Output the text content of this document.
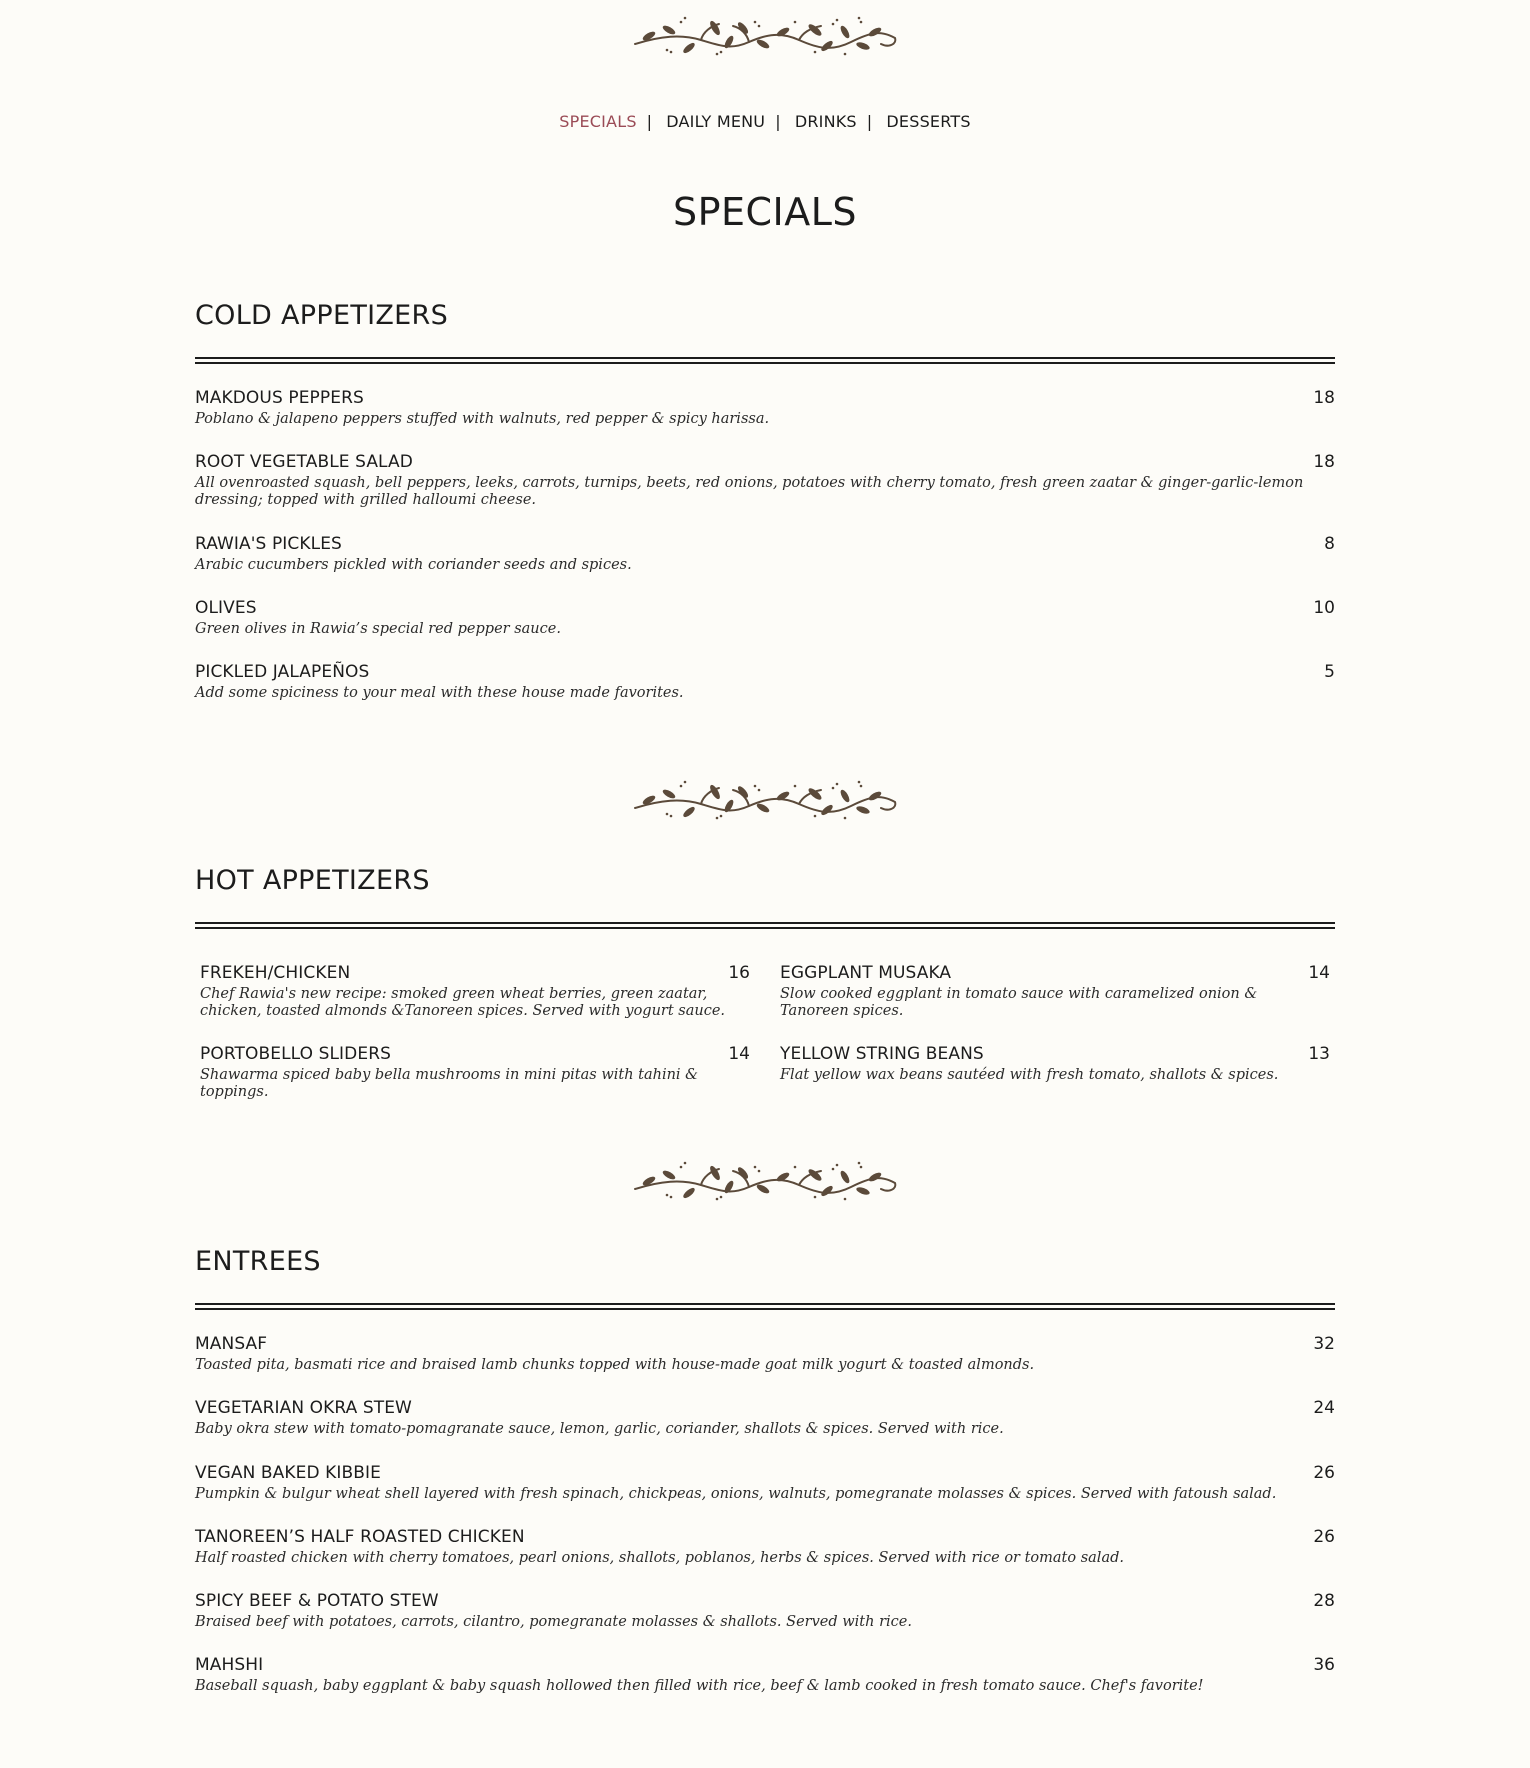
SPECIALS | DAILY MENU | DRINKS | DESSERTS
SPECIALS
COLD APPETIZERS
MAKDOUS PEPPERS	18
Poblano & jalapeno peppers stuffed with walnuts, red pepper & spicy harissa.
ROOT VEGETABLE SALAD	18
All ovenroasted squash, bell peppers, leeks, carrots, turnips, beets, red onions, potatoes with cherry tomato, fresh green zaatar & ginger-garlic-lemon dressing; topped with grilled halloumi cheese.
RAWIA'S PICKLES	8
Arabic cucumbers pickled with coriander seeds and spices.
OLIVES	10
Green olives in Rawia’s special red pepper sauce.
PICKLED JALAPEÑOS	5
Add some spiciness to your meal with these house made favorites.
HOT APPETIZERS
FREKEH/CHICKEN	16
Chef Rawia's new recipe: smoked green wheat berries, green zaatar, chicken, toasted almonds &Tanoreen spices. Served with yogurt sauce.
EGGPLANT MUSAKA	14
Slow cooked eggplant in tomato sauce with caramelized onion & Tanoreen spices.
PORTOBELLO SLIDERS	14
Shawarma spiced baby bella mushrooms in mini pitas with tahini & toppings.
YELLOW STRING BEANS	13
Flat yellow wax beans sautéed with fresh tomato, shallots & spices.
ENTREES
MANSAF	32
Toasted pita, basmati rice and braised lamb chunks topped with house-made goat milk yogurt & toasted almonds.
VEGETARIAN OKRA STEW	24
Baby okra stew with tomato-pomagranate sauce, lemon, garlic, coriander, shallots & spices. Served with rice.
VEGAN BAKED KIBBIE	26
Pumpkin & bulgur wheat shell layered with fresh spinach, chickpeas, onions, walnuts, pomegranate molasses & spices. Served with fatoush salad.
TANOREEN’S HALF ROASTED CHICKEN	26
Half roasted chicken with cherry tomatoes, pearl onions, shallots, poblanos, herbs & spices. Served with rice or tomato salad.
SPICY BEEF & POTATO STEW	28
Braised beef with potatoes, carrots, cilantro, pomegranate molasses & shallots. Served with rice.
MAHSHI	36
Baseball squash, baby eggplant & baby squash hollowed then filled with rice, beef & lamb cooked in fresh tomato sauce. Chef's favorite!
